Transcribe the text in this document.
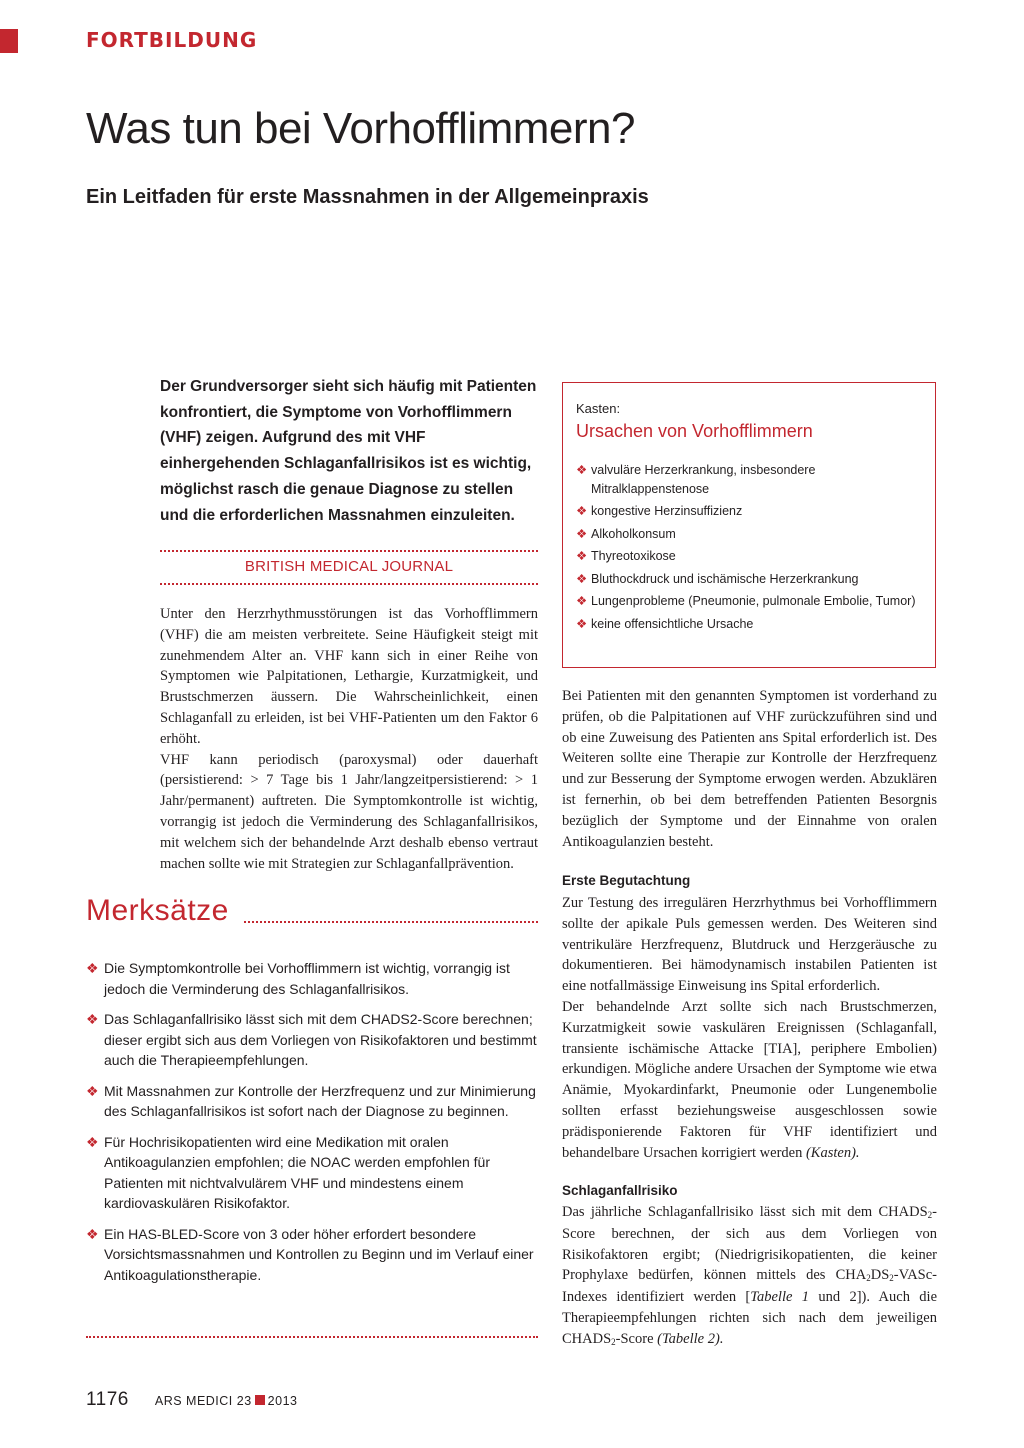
FORTBILDUNG
Was tun bei Vorhofflimmern?
Ein Leitfaden für erste Massnahmen in der Allgemeinpraxis
Der Grundversorger sieht sich häufig mit Patienten konfrontiert, die Symptome von Vorhofflimmern (VHF) zeigen. Aufgrund des mit VHF einhergehenden Schlaganfallrisikos ist es wichtig, möglichst rasch die genaue Diagnose zu stellen und die erforderlichen Massnahmen einzuleiten.
BRITISH MEDICAL JOURNAL

Unter den Herzrhythmusstörungen ist das Vorhofflimmern (VHF) die am meisten verbreitete. Seine Häufigkeit steigt mit zunehmendem Alter an. VHF kann sich in einer Reihe von Symptomen wie Palpitationen, Lethargie, Kurzatmigkeit, und Brustschmerzen äussern. Die Wahrscheinlichkeit, einen Schlaganfall zu erleiden, ist bei VHF-Patienten um den Faktor 6 erhöht.

VHF kann periodisch (paroxysmal) oder dauerhaft (persistierend: > 7 Tage bis 1 Jahr/langzeitpersistierend: > 1 Jahr/permanent) auftreten. Die Symptomkontrolle ist wichtig, vorrangig ist jedoch die Verminderung des Schlaganfallrisikos, mit welchem sich der behandelnde Arzt deshalb ebenso vertraut machen sollte wie mit Strategien zur Schlaganfallprävention.

Merksätze
❖ Die Symptomkontrolle bei Vorhofflimmern ist wichtig, vorrangig ist jedoch die Verminderung des Schlaganfallrisikos.
❖ Das Schlaganfallrisiko lässt sich mit dem CHADS2-Score berechnen; dieser ergibt sich aus dem Vorliegen von Risikofaktoren und bestimmt auch die Therapieempfehlungen.
❖ Mit Massnahmen zur Kontrolle der Herzfrequenz und zur Minimierung des Schlaganfallrisikos ist sofort nach der Diagnose zu beginnen.
❖ Für Hochrisikopatienten wird eine Medikation mit oralen Antikoagulanzien empfohlen; die NOAC werden empfohlen für Patienten mit nichtvalvulärem VHF und mindestens einem kardiovaskulären Risikofaktor.
❖ Ein HAS-BLED-Score von 3 oder höher erfordert besondere Vorsichtsmassnahmen und Kontrollen zu Beginn und im Verlauf einer Antikoagulationstherapie.
Kasten:
Ursachen von Vorhofflimmern
❖ valvuläre Herzerkrankung, insbesondere Mitralklappenstenose
❖ kongestive Herzinsuffizienz
❖ Alkoholkonsum
❖ Thyreotoxikose
❖ Bluthockdruck und ischämische Herzerkrankung
❖ Lungenprobleme (Pneumonie, pulmonale Embolie, Tumor)
❖ keine offensichtliche Ursache

Bei Patienten mit den genannten Symptomen ist vorderhand zu prüfen, ob die Palpitationen auf VHF zurückzuführen sind und ob eine Zuweisung des Patienten ans Spital erforderlich ist. Des Weiteren sollte eine Therapie zur Kontrolle der Herzfrequenz und zur Besserung der Symptome erwogen werden. Abzuklären ist fernerhin, ob bei dem betreffenden Patienten Besorgnis bezüglich der Symptome und der Einnahme von oralen Antikoagulanzien besteht.

Erste Begutachtung

Zur Testung des irregulären Herzrhythmus bei Vorhofflimmern sollte der apikale Puls gemessen werden. Des Weiteren sind ventrikuläre Herzfrequenz, Blutdruck und Herzgeräusche zu dokumentieren. Bei hämodynamisch instabilen Patienten ist eine notfallmässige Einweisung ins Spital erforderlich.

Der behandelnde Arzt sollte sich nach Brustschmerzen, Kurzatmigkeit sowie vaskulären Ereignissen (Schlaganfall, transiente ischämische Attacke [TIA], periphere Embolien) erkundigen. Mögliche andere Ursachen der Symptome wie etwa Anämie, Myokardinfarkt, Pneumonie oder Lungenembolie sollten erfasst beziehungsweise ausgeschlossen sowie prädisponierende Faktoren für VHF identifiziert und behandelbare Ursachen korrigiert werden (Kasten).

Schlaganfallrisiko

Das jährliche Schlaganfallrisiko lässt sich mit dem $CHADS_2$-Score berechnen, der sich aus dem Vorliegen von Risikofaktoren ergibt; (Niedrigrisikopatienten, die keiner Prophylaxe bedürfen, können mittels des $CHA_2DS_2-VASc$-Indexes identifiziert werden [Tabelle 1 und 2]). Auch die Therapieempfehlungen richten sich nach dem jeweiligen $CHADS_2$-Score (Tabelle 2).

1176 ARS MEDICI 23 2013
